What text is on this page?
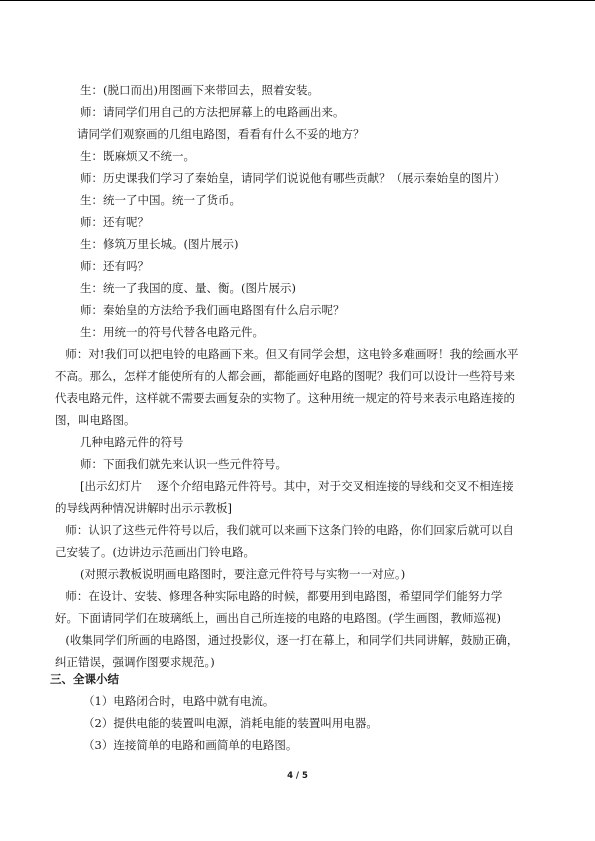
生：(脱口而出)用图画下来带回去，照着安装。

师：请同学们用自己的方法把屏幕上的电路画出来。

请同学们观察画的几组电路图，看看有什么不妥的地方？

生：既麻烦又不统一。

师：历史课我们学习了秦始皇，请同学们说说他有哪些贡献？（展示秦始皇的图片）

生：统一了中国。统一了货币。

师：还有呢？

生：修筑万里长城。(图片展示)

师：还有吗？

生：统一了我国的度、量、衡。(图片展示)

师：秦始皇的方法给予我们画电路图有什么启示呢？

生：用统一的符号代替各电路元件。

师：对!我们可以把电铃的电路画下来。但又有同学会想，这电铃多难画呀！我的绘画水平不高。那么，怎样才能使所有的人都会画，都能画好电路的图呢？我们可以设计一些符号来代表电路元件，这样就不需要去画复杂的实物了。这种用统一规定的符号来表示电路连接的图，叫电路图。

几种电路元件的符号

师：下面我们就先来认识一些元件符号。

[出示幻灯片　 逐个介绍电路元件符号。其中，对于交叉相连接的导线和交叉不相连接的导线两种情况讲解时出示示教板]

师：认识了这些元件符号以后，我们就可以来画下这条门铃的电路，你们回家后就可以自己安装了。(边讲边示范画出门铃电路。

(对照示教板说明画电路图时，要注意元件符号与实物一一对应。)

师：在设计、安装、修理各种实际电路的时候，都要用到电路图，希望同学们能努力学好。下面请同学们在玻璃纸上，画出自己所连接的电路的电路图。(学生画图，教师巡视)

(收集同学们所画的电路图，通过投影仪，逐一打在幕上，和同学们共同讲解，鼓励正确，纠正错误，强调作图要求规范。)

三、全课小结

（1）电路闭合时，电路中就有电流。

（2）提供电能的装置叫电源，消耗电能的装置叫用电器。

（3）连接简单的电路和画简单的电路图。

4 / 5
